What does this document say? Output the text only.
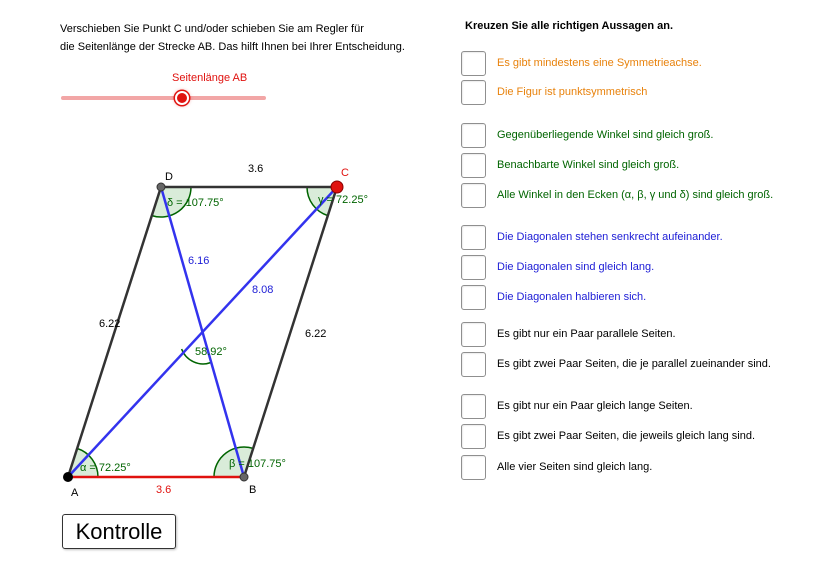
Verschieben Sie Punkt C und/oder schieben Sie am Regler für
die Seitenlänge der Strecke AB. Das hilft Ihnen bei Ihrer Entscheidung.
Seitenlänge AB
A	B
C
D
3.6
3.6
6.22
6.22
6.16
8.08
α = 72.25°	β = 107.75°
γ = 72.25°
δ = 107.75°
58.92°
Kontrolle
Kreuzen Sie alle richtigen Aussagen an.
Es gibt mindestens eine Symmetrieachse.
Die Figur ist punktsymmetrisch
Gegenüberliegende Winkel sind gleich groß.
Benachbarte Winkel sind gleich groß.
Alle Winkel in den Ecken (α, β, γ und δ) sind gleich groß.
Die Diagonalen stehen senkrecht aufeinander.
Die Diagonalen sind gleich lang.
Die Diagonalen halbieren sich.
Es gibt nur ein Paar parallele Seiten.
Es gibt zwei Paar Seiten, die je parallel zueinander sind.
Es gibt nur ein Paar gleich lange Seiten.
Es gibt zwei Paar Seiten, die jeweils gleich lang sind.
Alle vier Seiten sind gleich lang.
